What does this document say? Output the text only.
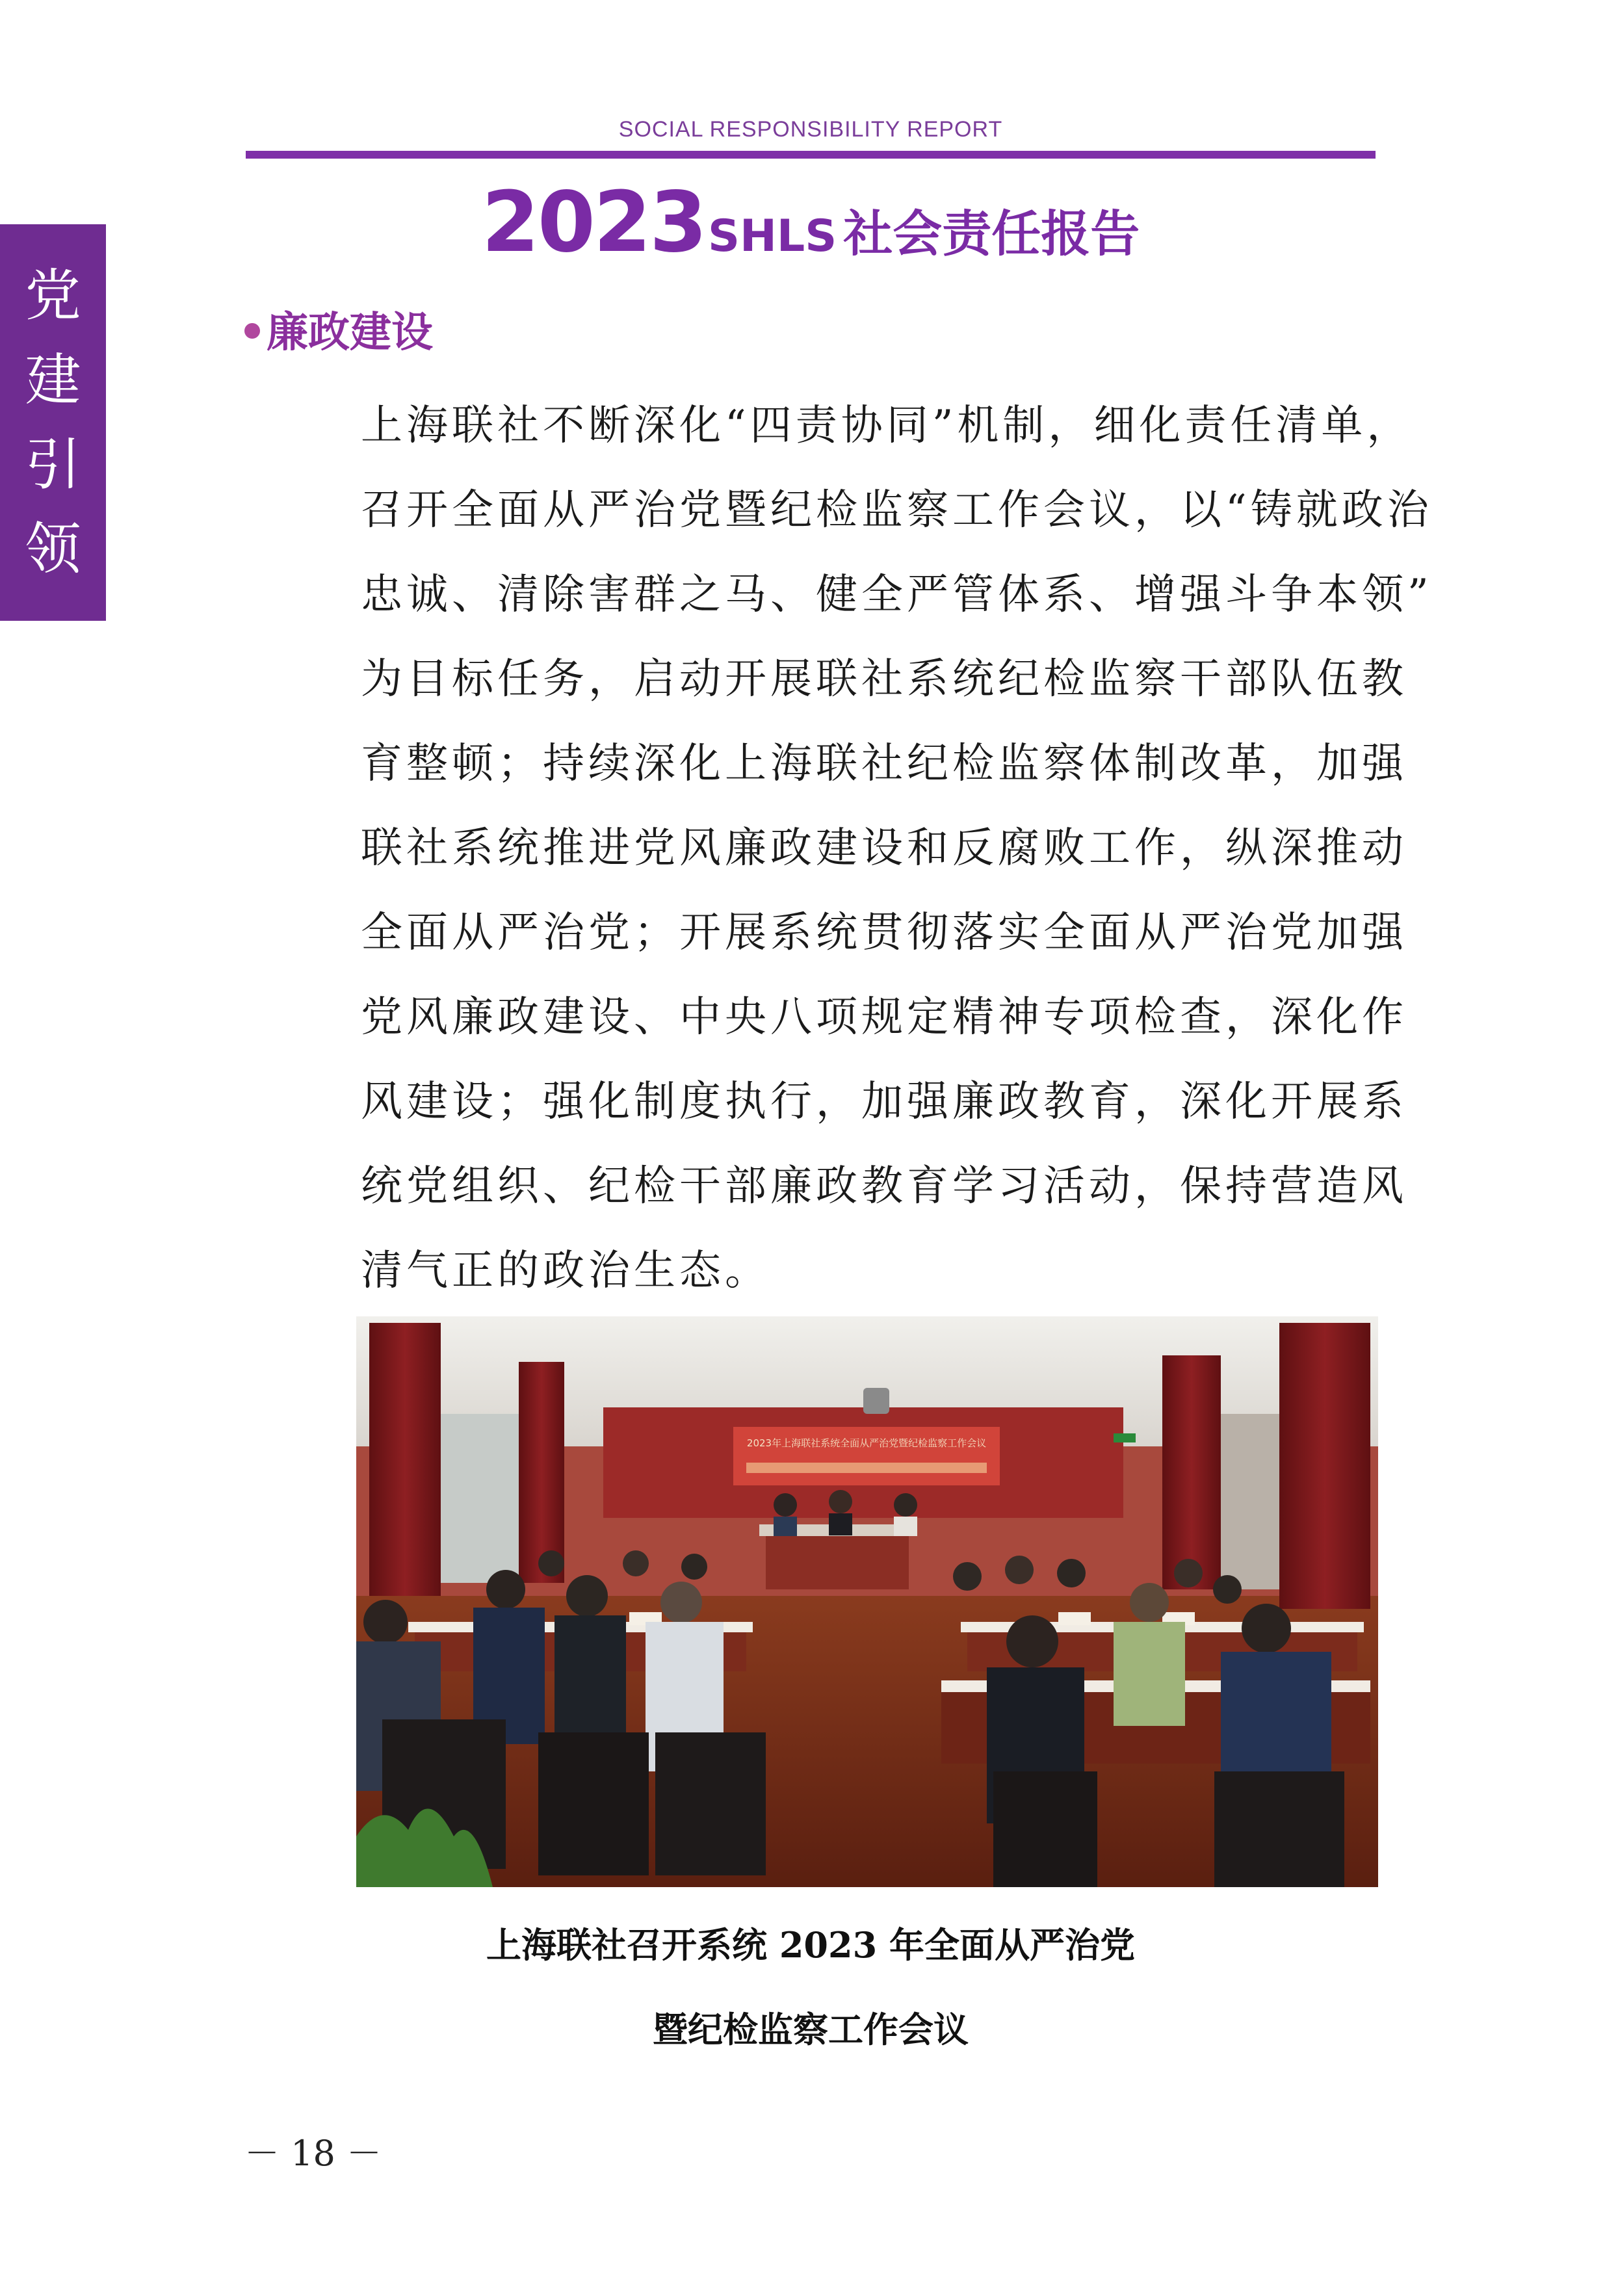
SOCIAL RESPONSIBILITY REPORT
2023SHLS 社会责任报告
党
建
引
领
廉政建设
上海联社不断深化“四责协同”机制，细化责任清单，
召开全面从严治党暨纪检监察工作会议，以“铸就政治
忠诚、清除害群之马、健全严管体系、增强斗争本领”
为目标任务，启动开展联社系统纪检监察干部队伍教
育整顿；持续深化上海联社纪检监察体制改革，加强
联社系统推进党风廉政建设和反腐败工作，纵深推动
全面从严治党；开展系统贯彻落实全面从严治党加强
党风廉政建设、中央八项规定精神专项检查，深化作
风建设；强化制度执行，加强廉政教育，深化开展系
统党组织、纪检干部廉政教育学习活动，保持营造风
清气正的政治生态。
2023年上海联社系统全面从严治党暨纪检监察工作会议
上海联社召开系统 2023 年全面从严治党
暨纪检监察工作会议
－ 18 －
